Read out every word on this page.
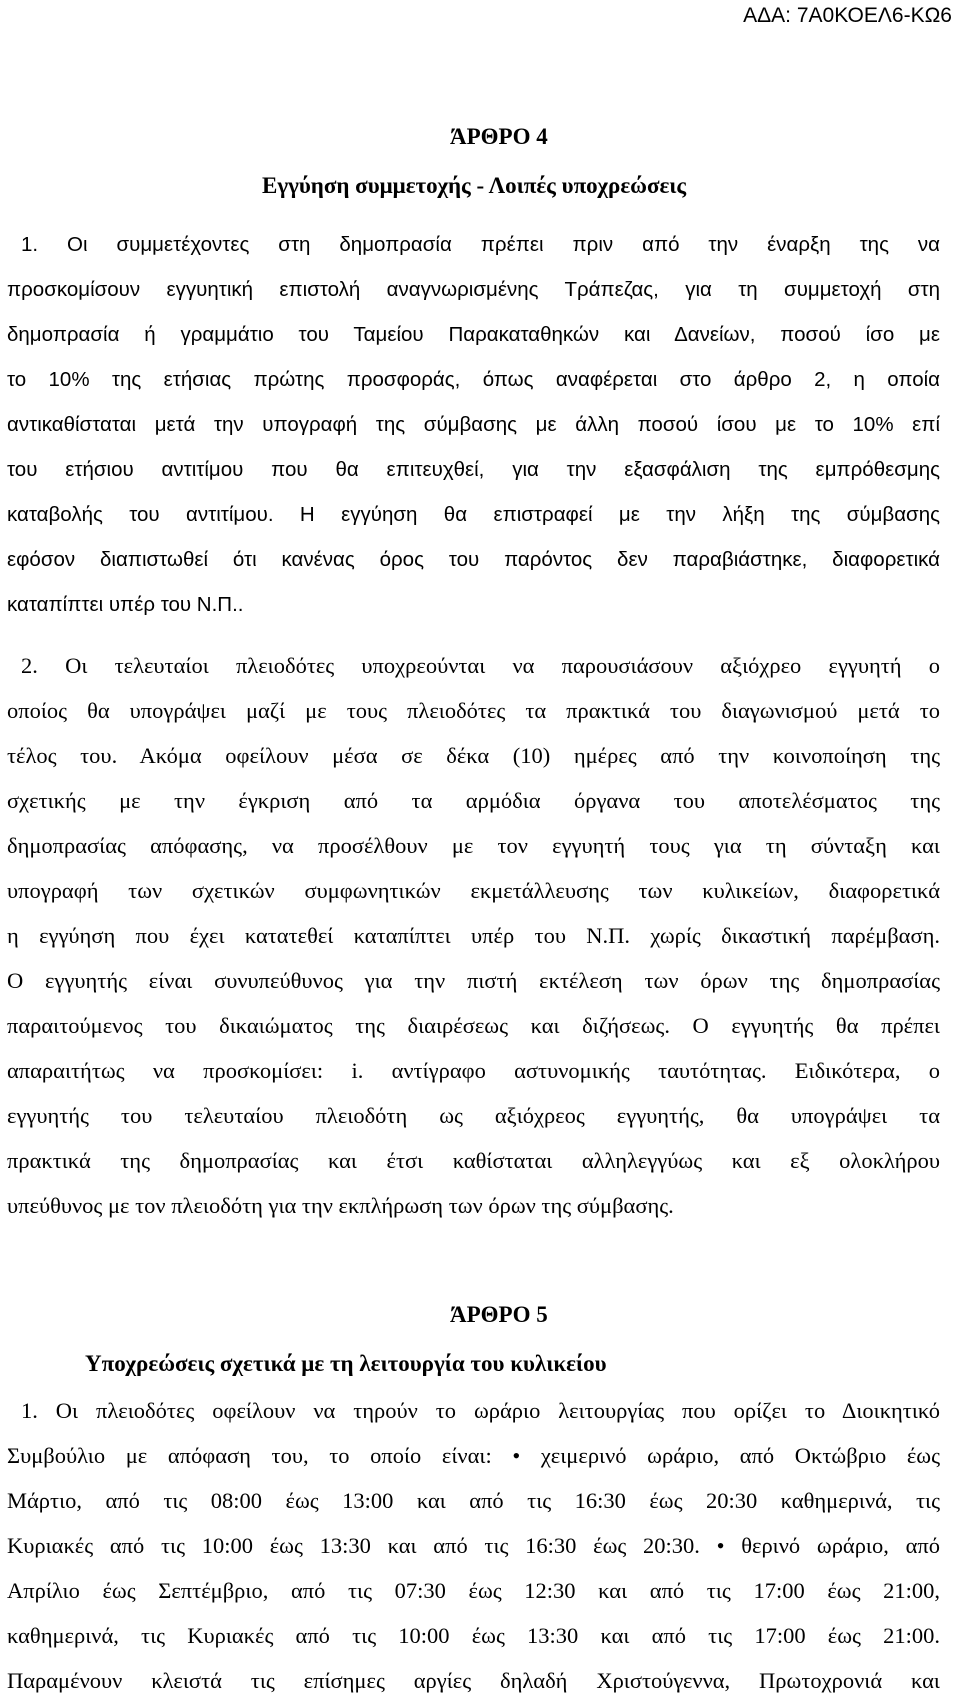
ΑΔΑ: 7Α0ΚΟΕΛ6-ΚΩ6
ΆΡΘΡΟ 4
Εγγύηση συμμετοχής - Λοιπές υποχρεώσεις
1. Οι συμμετέχοντες στη δημοπρασία πρέπει πριν από την έναρξη της να
προσκομίσουν εγγυητική επιστολή αναγνωρισμένης Τράπεζας, για τη συμμετοχή στη
δημοπρασία ή γραμμάτιο του Ταμείου Παρακαταθηκών και Δανείων, ποσού ίσο με
το 10% της ετήσιας πρώτης προσφοράς, όπως αναφέρεται στο άρθρο 2, η οποία
αντικαθίσταται μετά την υπογραφή της σύμβασης με άλλη ποσού ίσου με το 10% επί
του ετήσιου αντιτίμου που θα επιτευχθεί, για την εξασφάλιση της εμπρόθεσμης
καταβολής του αντιτίμου. Η εγγύηση θα επιστραφεί με την λήξη της σύμβασης
εφόσον διαπιστωθεί ότι κανένας όρος του παρόντος δεν παραβιάστηκε, διαφορετικά
καταπίπτει υπέρ του Ν.Π..
2. Οι τελευταίοι πλειοδότες υποχρεούνται να παρουσιάσουν αξιόχρεο εγγυητή ο
οποίος θα υπογράψει μαζί με τους πλειοδότες τα πρακτικά του διαγωνισμού μετά το
τέλος του. Ακόμα οφείλουν μέσα σε δέκα (10) ημέρες από την κοινοποίηση της
σχετικής με την έγκριση από τα αρμόδια όργανα του αποτελέσματος της
δημοπρασίας απόφασης, να προσέλθουν με τον εγγυητή τους για τη σύνταξη και
υπογραφή των σχετικών συμφωνητικών εκμετάλλευσης των κυλικείων, διαφορετικά
η εγγύηση που έχει κατατεθεί καταπίπτει υπέρ του Ν.Π. χωρίς δικαστική παρέμβαση.
Ο εγγυητής είναι συνυπεύθυνος για την πιστή εκτέλεση των όρων της δημοπρασίας
παραιτούμενος του δικαιώματος της διαιρέσεως και διζήσεως. Ο εγγυητής θα πρέπει
απαραιτήτως να προσκομίσει: i. αντίγραφο αστυνομικής ταυτότητας. Ειδικότερα, ο
εγγυητής του τελευταίου πλειοδότη ως αξιόχρεος εγγυητής, θα υπογράψει τα
πρακτικά της δημοπρασίας και έτσι καθίσταται αλληλεγγύως και εξ ολοκλήρου
υπεύθυνος με τον πλειοδότη για την εκπλήρωση των όρων της σύμβασης.
ΆΡΘΡΟ 5
Υποχρεώσεις σχετικά με τη λειτουργία του κυλικείου
1. Οι πλειοδότες οφείλουν να τηρούν το ωράριο λειτουργίας που ορίζει το Διοικητικό
Συμβούλιο με απόφαση του, το οποίο είναι: • χειμερινό ωράριο, από Οκτώβριο έως
Μάρτιο, από τις 08:00 έως 13:00 και από τις 16:30 έως 20:30 καθημερινά, τις
Κυριακές από τις 10:00 έως 13:30 και από τις 16:30 έως 20:30. • θερινό ωράριο, από
Απρίλιο έως Σεπτέμβριο, από τις 07:30 έως 12:30 και από τις 17:00 έως 21:00,
καθημερινά, τις Κυριακές από τις 10:00 έως 13:30 και από τις 17:00 έως 21:00.
Παραμένουν κλειστά τις επίσημες αργίες δηλαδή Χριστούγεννα, Πρωτοχρονιά και
